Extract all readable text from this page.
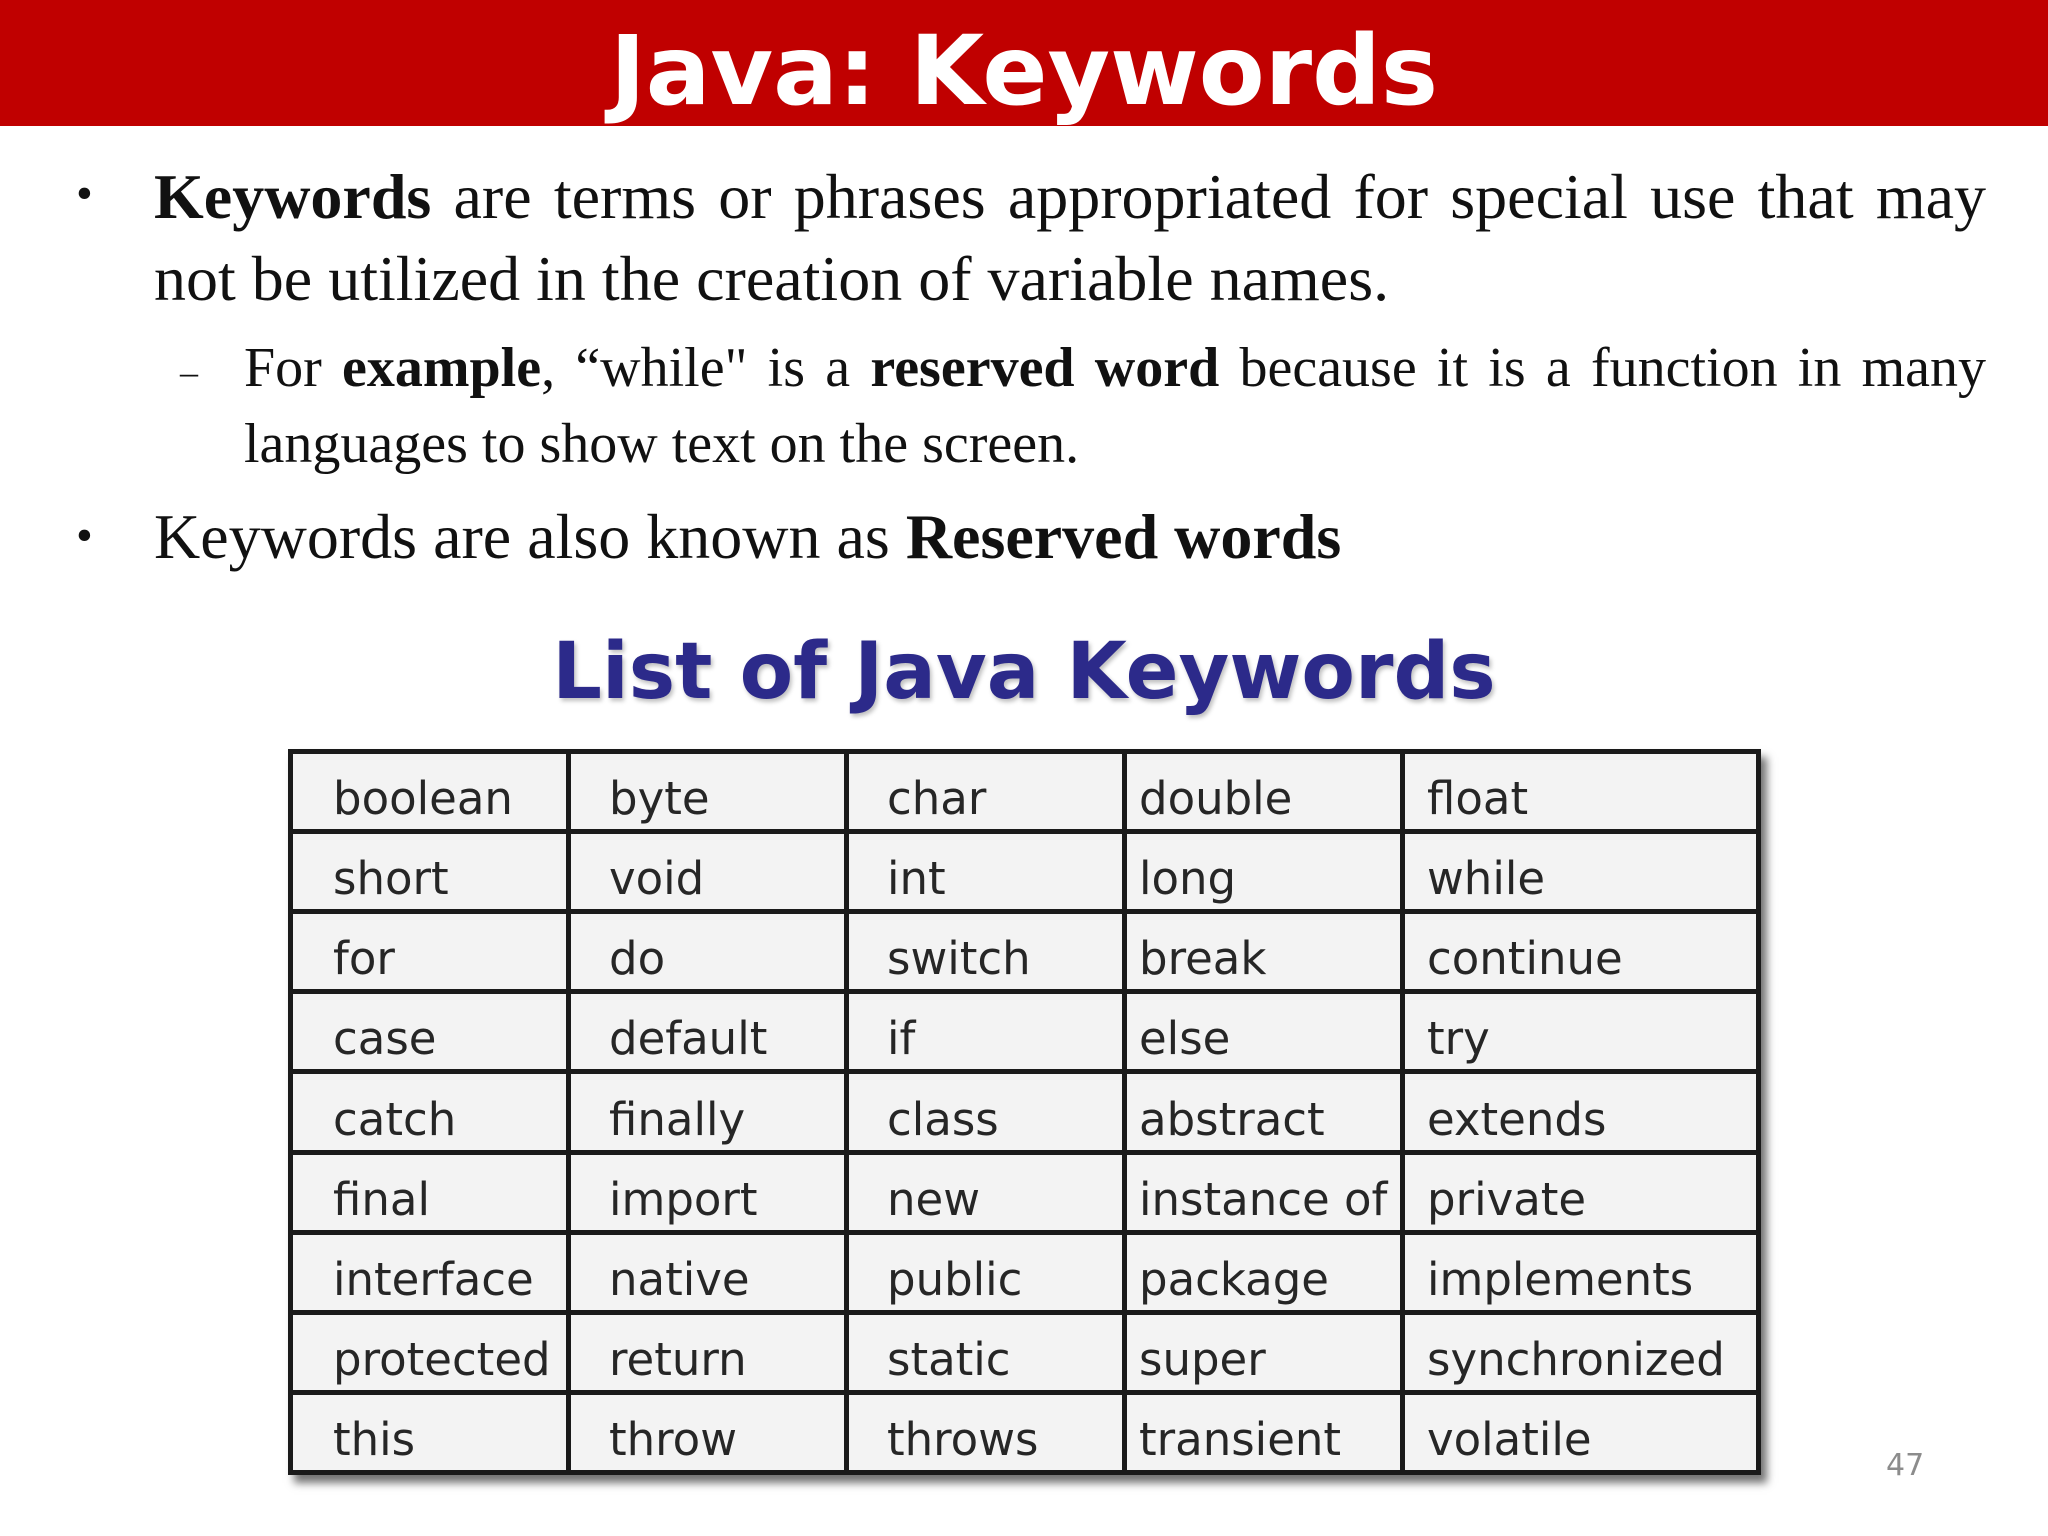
Java: Keywords
• Keywords are terms or phrases appropriated for special use that may not be utilized in the creation of variable names.

– For example, “while" is a reserved word because it is a function in many languages to show text on the screen.

• Keywords are also known as Reserved words

List of Java Keywords
boolean	byte	char	double	float
short	void	int	long	while
for	do	switch	break	continue
case	default	if	else	try
catch	finally	class	abstract	extends
final	import	new	instance of	private
interface	native	public	package	implements
protected	return	static	super	synchronized
this	throw	throws	transient	volatile	47
